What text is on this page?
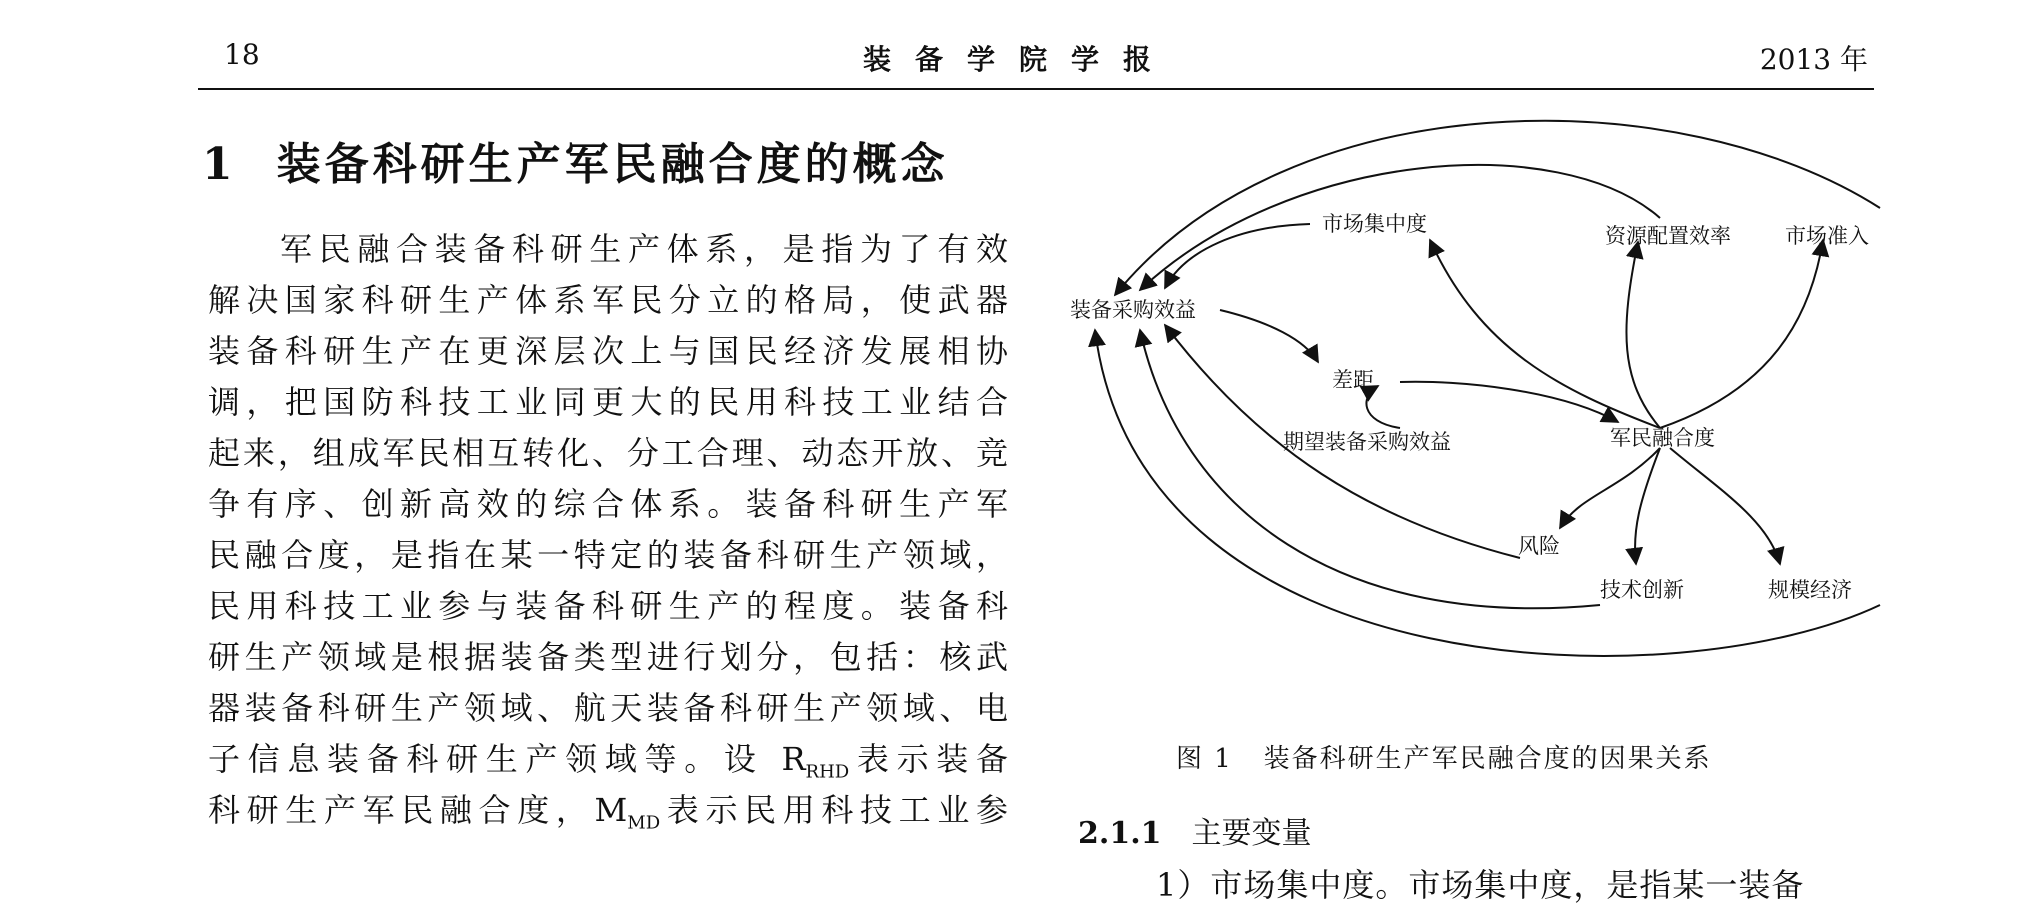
18	装备学院学报	2013 年
1 装备科研生产军民融合度的概念
军民融合装备科研生产体系，是指为了有效
解决国家科研生产体系军民分立的格局，使武器
装备科研生产在更深层次上与国民经济发展相协
调，把国防科技工业同更大的民用科技工业结合
起来，组成军民相互转化、分工合理、动态开放、竞
争有序、创新高效的综合体系。装备科研生产军
民融合度，是指在某一特定的装备科研生产领域，
民用科技工业参与装备科研生产的程度。装备科
研生产领域是根据装备类型进行划分，包括：核武
器装备科研生产领域、航天装备科研生产领域、电
子信息装备科研生产领域等。设 $R_{RHD}$表示装备
科研生产军民融合度，$M_{MD}$表示民用科技工业参
市场集中度	资源配置效率	市场准入
装备采购效益
差距
期望装备采购效益	军民融合度
风险
技术创新	规模经济
图 1 装备科研生产军民融合度的因果关系
2.1.1 主要变量
1）市场集中度。市场集中度，是指某一装备
